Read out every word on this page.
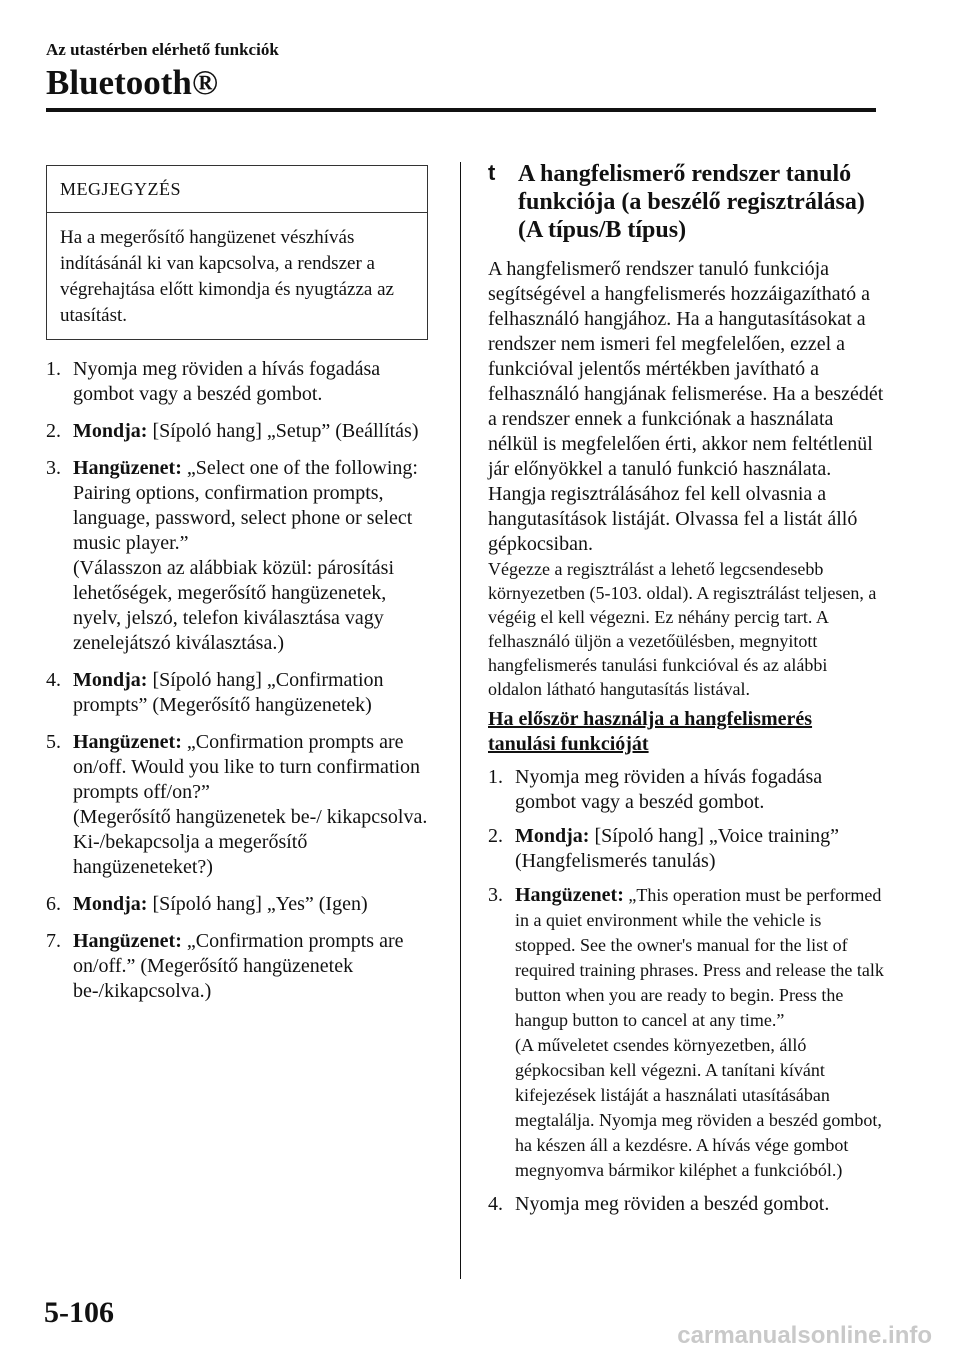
Az utastérben elérhető funkciók
Bluetooth®

MEGJEGYZÉS

Ha a megerősítő hangüzenet vészhívás indításánál ki van kapcsolva, a rendszer a végrehajtása előtt kimondja és nyugtázza az utasítást.

1. Nyomja meg röviden a hívás fogadása gombot vagy a beszéd gombot.
2. Mondja: [Sípoló hang] „Setup” (Beállítás)
3. Hangüzenet: „Select one of the following: Pairing options, confirmation prompts, language, password, select phone or select music player.”
(Válasszon az alábbiak közül: párosítási lehetőségek, megerősítő hangüzenetek, nyelv, jelszó, telefon kiválasztása vagy zenelejátszó kiválasztása.)
4. Mondja: [Sípoló hang] „Confirmation prompts” (Megerősítő hangüzenetek)
5. Hangüzenet: „Confirmation prompts are on/off. Would you like to turn confirmation prompts off/on?”
(Megerősítő hangüzenetek be-/ kikapcsolva. Ki-/bekapcsolja a megerősítő hangüzeneteket?)
6. Mondja: [Sípoló hang] „Yes” (Igen)
7. Hangüzenet: „Confirmation prompts are on/off.” (Megerősítő hangüzenetek be-/kikapcsolva.)
t A hangfelismerő rendszer tanuló funkciója (a beszélő regisztrálása) (A típus/B típus)

A hangfelismerő rendszer tanuló funkciója segítségével a hangfelismerés hozzáigazítható a felhasználó hangjához. Ha a hangutasításokat a rendszer nem ismeri fel megfelelően, ezzel a funkcióval jelentős mértékben javítható a felhasználó hangjának felismerése. Ha a beszédét a rendszer ennek a funkciónak a használata nélkül is megfelelően érti, akkor nem feltétlenül jár előnyökkel a tanuló funkció használata. Hangja regisztrálásához fel kell olvasnia a hangutasítások listáját. Olvassa fel a listát álló gépkocsiban.

Végezze a regisztrálást a lehető legcsendesebb környezetben (5-103. oldal). A regisztrálást teljesen, a végéig el kell végezni. Ez néhány percig tart. A felhasználó üljön a vezetőülésben, megnyitott hangfelismerés tanulási funkcióval és az alábbi oldalon látható hangutasítás listával.

Ha először használja a hangfelismerés tanulási funkcióját
1. Nyomja meg röviden a hívás fogadása gombot vagy a beszéd gombot.
2. Mondja: [Sípoló hang] „Voice training” (Hangfelismerés tanulás)
3. Hangüzenet: „This operation must be performed in a quiet environment while the vehicle is stopped. See the owner's manual for the list of required training phrases. Press and release the talk button when you are ready to begin. Press the hangup button to cancel at any time.”
(A műveletet csendes környezetben, álló gépkocsiban kell végezni. A tanítani kívánt kifejezések listáját a használati utasításában megtalálja. Nyomja meg röviden a beszéd gombot, ha készen áll a kezdésre. A hívás vége gombot megnyomva bármikor kiléphet a funkcióból.)
4. Nyomja meg röviden a beszéd gombot.
5-106
carmanualsonline.info
